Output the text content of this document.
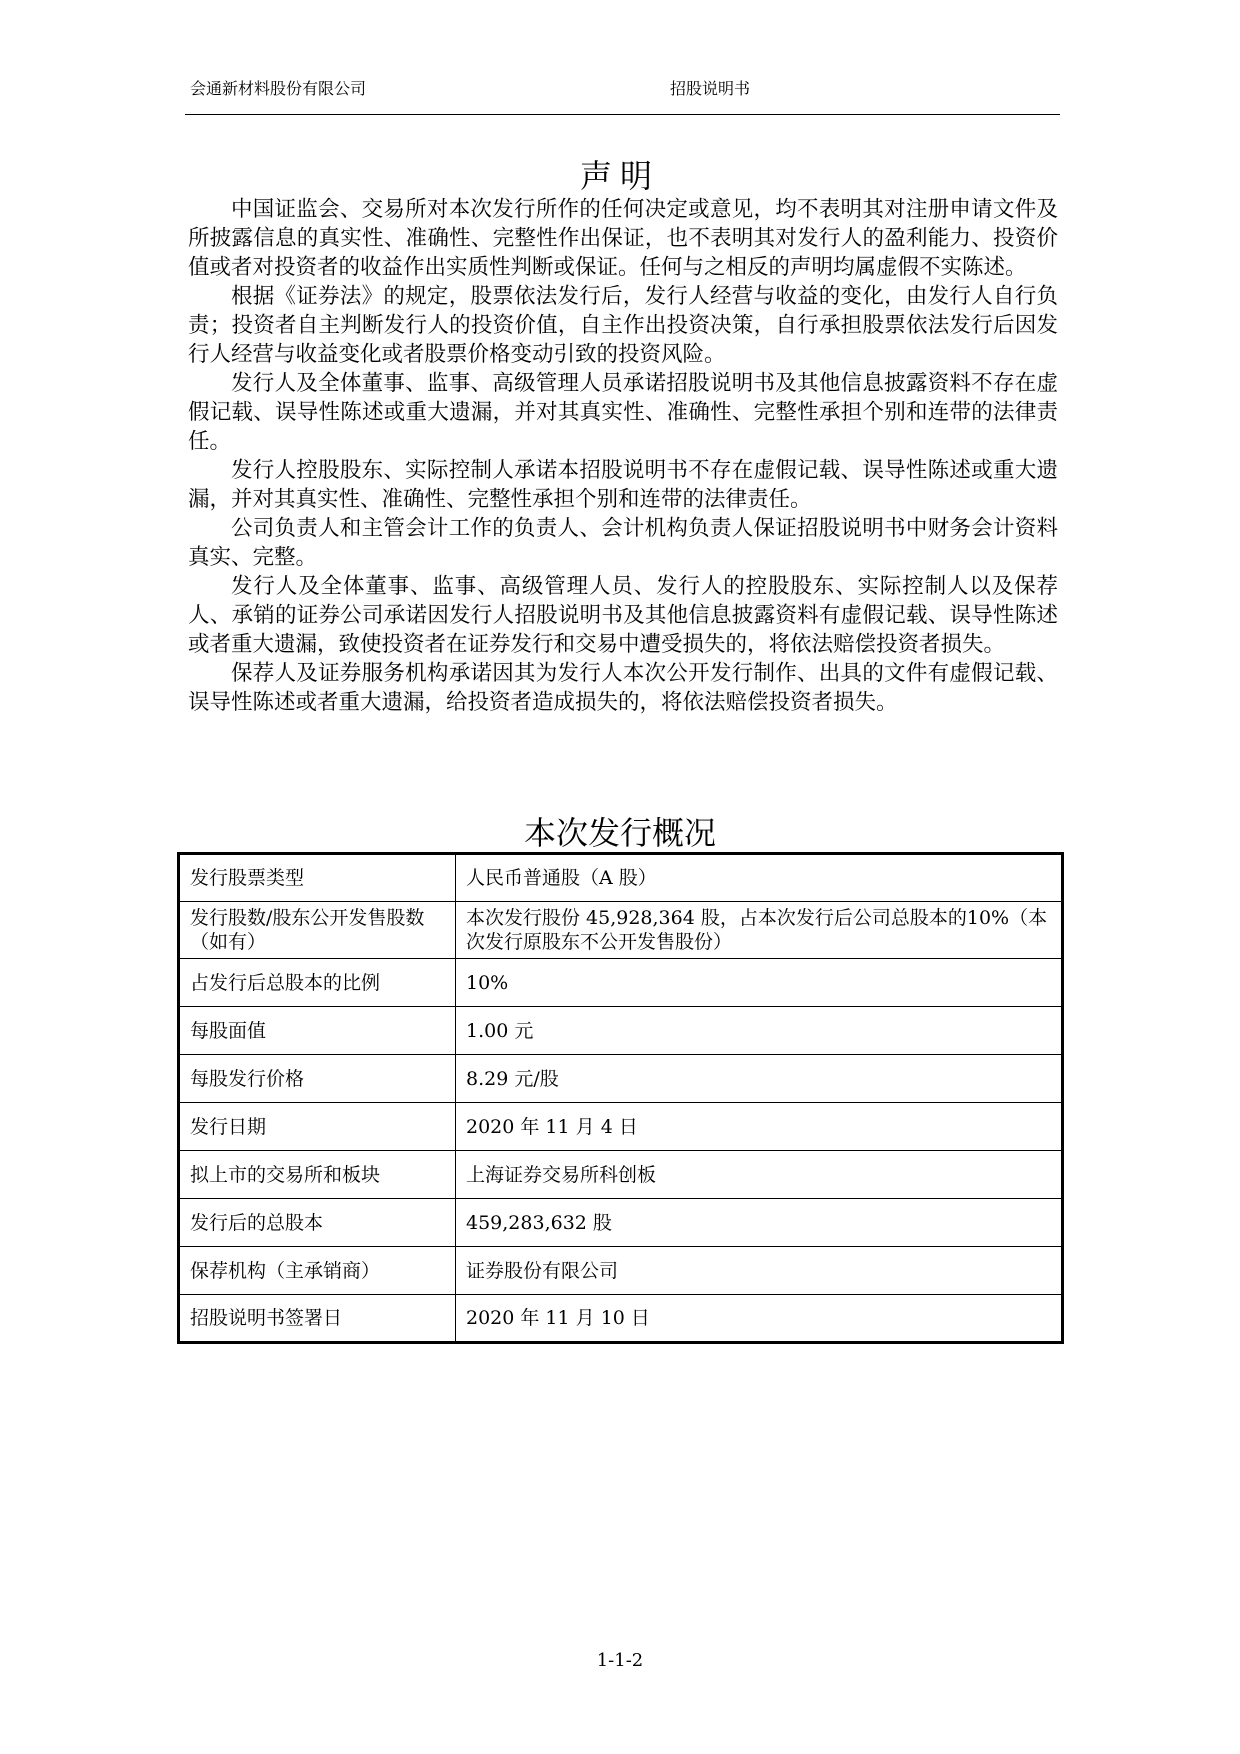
会通新材料股份有限公司	招股说明书
声明

中国证监会、交易所对本次发行所作的任何决定或意见，均不表明其对注册申请文件及所披露信息的真实性、准确性、完整性作出保证，也不表明其对发行人的盈利能力、投资价值或者对投资者的收益作出实质性判断或保证。任何与之相反的声明均属虚假不实陈述。

根据《证券法》的规定，股票依法发行后，发行人经营与收益的变化，由发行人自行负责；投资者自主判断发行人的投资价值，自主作出投资决策，自行承担股票依法发行后因发行人经营与收益变化或者股票价格变动引致的投资风险。

发行人及全体董事、监事、高级管理人员承诺招股说明书及其他信息披露资料不存在虚假记载、误导性陈述或重大遗漏，并对其真实性、准确性、完整性承担个别和连带的法律责任。

发行人控股股东、实际控制人承诺本招股说明书不存在虚假记载、误导性陈述或重大遗漏，并对其真实性、准确性、完整性承担个别和连带的法律责任。

公司负责人和主管会计工作的负责人、会计机构负责人保证招股说明书中财务会计资料真实、完整。

发行人及全体董事、监事、高级管理人员、发行人的控股股东、实际控制人以及保荐人、承销的证券公司承诺因发行人招股说明书及其他信息披露资料有虚假记载、误导性陈述或者重大遗漏，致使投资者在证券发行和交易中遭受损失的，将依法赔偿投资者损失。

保荐人及证券服务机构承诺因其为发行人本次公开发行制作、出具的文件有虚假记载、误导性陈述或者重大遗漏，给投资者造成损失的，将依法赔偿投资者损失。

本次发行概况
发行股票类型	人民币普通股（A 股）
发行股数/股东公开发售股数（如有）	本次发行股份 45,928,364 股，占本次发行后公司总股本的10%（本次发行原股东不公开发售股份）
占发行后总股本的比例	10%
每股面值	1.00 元
每股发行价格	8.29 元/股
发行日期	2020 年 11 月 4 日
拟上市的交易所和板块	上海证券交易所科创板
发行后的总股本	459,283,632 股
保荐机构（主承销商）	证券股份有限公司
招股说明书签署日	2020 年 11 月 10 日
1-1-2
